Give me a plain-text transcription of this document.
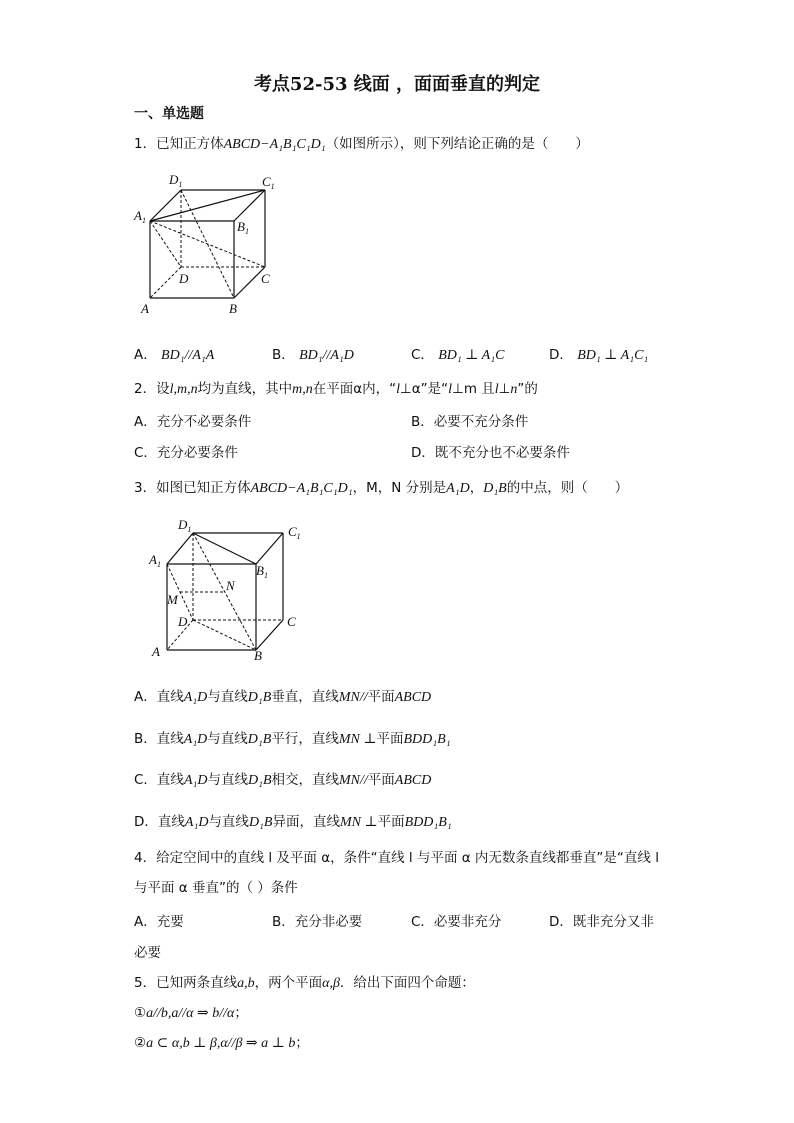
考点52-53 线面 ，面面垂直的判定
一、单选题
1．已知正方体ABCD−A₁B₁C₁D₁（如图所示），则下列结论正确的是（　　）
$D_1$	$C_1$
$A_1$	$B_1$
D	C
A	B
A． BD₁//A₁A	B． BD₁//A₁D	C． BD₁ ⊥ A₁C	D． BD₁ ⊥ A₁C₁
2．设l,m,n均为直线，其中m,n在平面α内，“l⊥α”是“l⊥m 且l⊥n”的
A．充分不必要条件	B．必要不充分条件
C．充分必要条件	D．既不充分也不必要条件
3．如图已知正方体ABCD−A₁B₁C₁D₁，M，N 分别是A₁D，D₁B的中点，则（　　）
$D_1$	$C_1$
$A_1$	$B_1$
N
M
D	C
A	B
A．直线A₁D与直线D₁B垂直，直线MN//平面ABCD
B．直线A₁D与直线D₁B平行，直线MN ⊥平面BDD₁B₁
C．直线A₁D与直线D₁B相交，直线MN//平面ABCD
D．直线A₁D与直线D₁B异面，直线MN ⊥平面BDD₁B₁
4．给定空间中的直线 l 及平面 α，条件“直线 l 与平面 α 内无数条直线都垂直”是“直线 l
与平面 α 垂直”的（ ）条件
A．充要	B．充分非必要	C．必要非充分	D．既非充分又非
必要
5．已知两条直线a,b，两个平面α,β．给出下面四个命题：
①a//b,a//α ⇒ b//α；
②a ⊂ α,b ⊥ β,α//β ⇒ a ⊥ b；
